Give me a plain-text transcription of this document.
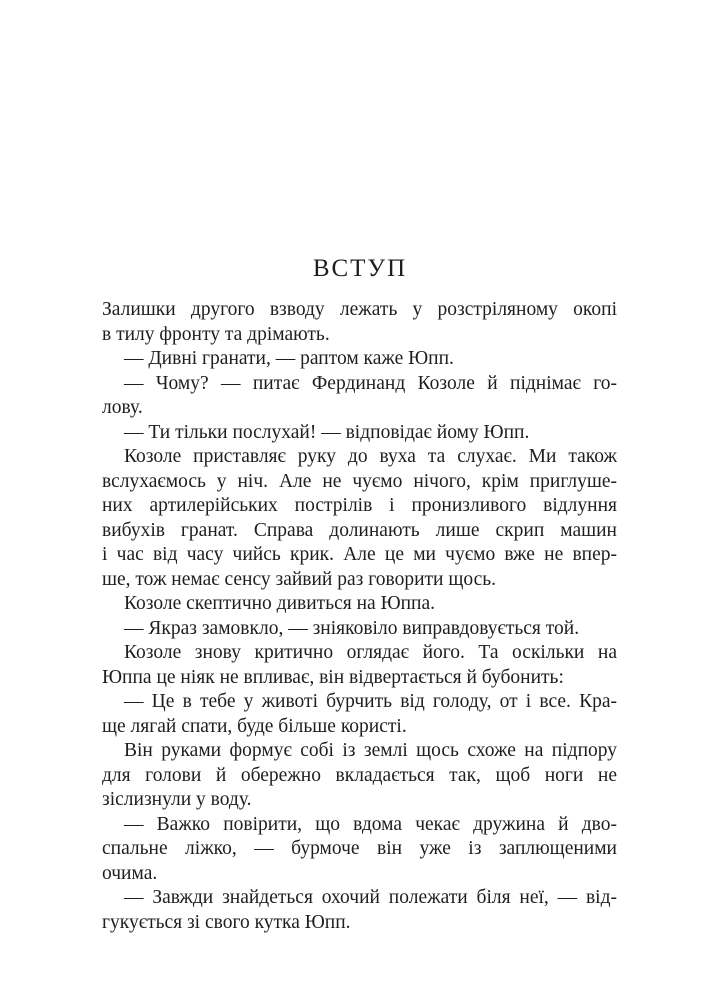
ВСТУП
Залишки другого взводу лежать у розстріляному окопі
в тилу фронту та дрімають.
— Дивні гранати, — раптом каже Юпп.
— Чому? — питає Фердинанд Козоле й піднімає го-
лову.
— Ти тільки послухай! — відповідає йому Юпп.
Козоле приставляє руку до вуха та слухає. Ми також
вслухаємось у ніч. Але не чуємо нічого, крім приглуше-
них артилерійських пострілів і пронизливого відлуння
вибухів гранат. Справа долинають лише скрип машин
і час від часу чийсь крик. Але це ми чуємо вже не впер-
ше, тож немає сенсу зайвий раз говорити щось.
Козоле скептично дивиться на Юппа.
— Якраз замовкло, — зніяковіло виправдовується той.
Козоле знову критично оглядає його. Та оскільки на
Юппа це ніяк не впливає, він відвертається й бубонить:
— Це в тебе у животі бурчить від голоду, от і все. Кра-
ще лягай спати, буде більше користі.
Він руками формує собі із землі щось схоже на підпору
для голови й обережно вкладається так, щоб ноги не
зіслизнули у воду.
— Важко повірити, що вдома чекає дружина й дво-
спальне ліжко, — бурмоче він уже із заплющеними
очима.
— Завжди знайдеться охочий полежати біля неї, — від-
гукується зі свого кутка Юпп.
